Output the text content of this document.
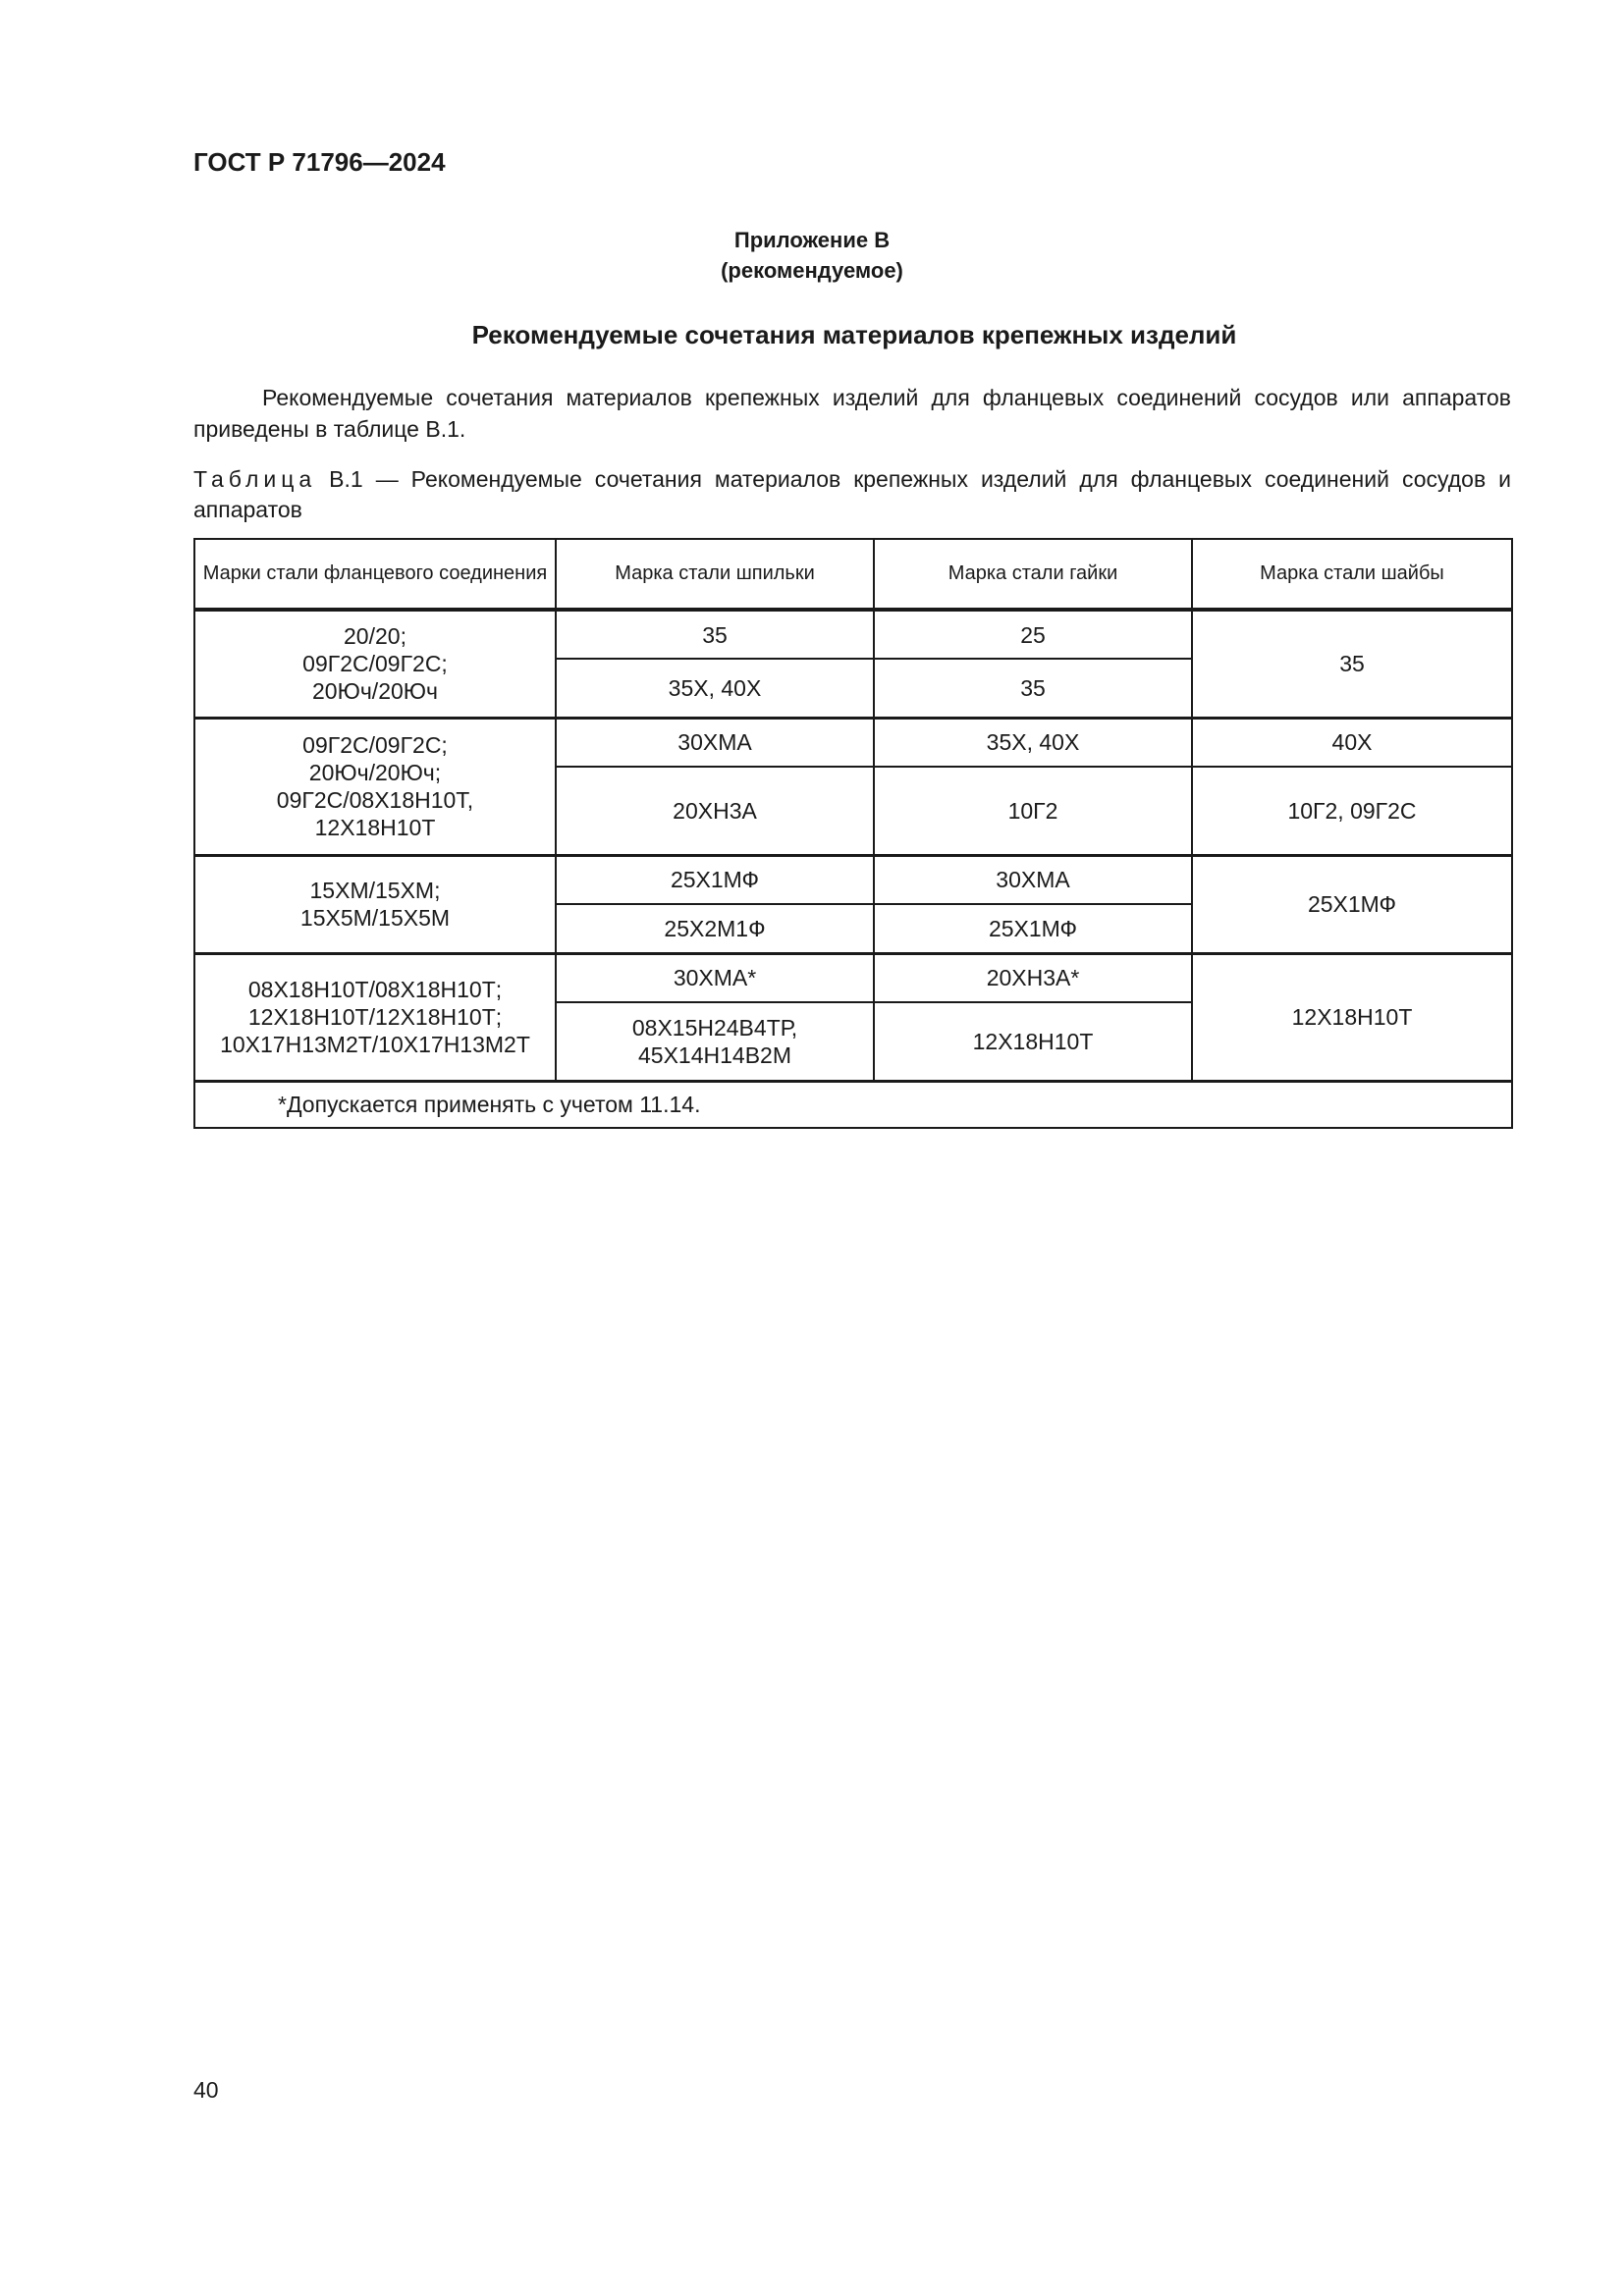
ГОСТ Р 71796—2024

Приложение В
(рекомендуемое)
Рекомендуемые сочетания материалов крепежных изделий

Рекомендуемые сочетания материалов крепежных изделий для фланцевых соединений сосудов или аппаратов приведены в таблице В.1.

Таблица В.1 — Рекомендуемые сочетания материалов крепежных изделий для фланцевых соединений сосудов и аппаратов

Марки стали фланцевого соединения	Марка стали шпильки	Марка стали гайки	Марка стали шайбы

20/20;
09Г2С/09Г2С;
20Юч/20Юч	35	25	35
	35Х, 40Х	35	

09Г2С/09Г2С;
20Юч/20Юч;
09Г2С/08Х18Н10Т,
12Х18Н10Т	30ХМА	35Х, 40Х	40Х
	20ХН3А	10Г2	10Г2, 09Г2С

15ХМ/15ХМ;
15Х5М/15Х5М	25Х1МФ	30ХМА	25Х1МФ
	25Х2М1Ф	25Х1МФ	

08Х18Н10Т/08Х18Н10Т;
12Х18Н10Т/12Х18Н10Т;
10Х17Н13М2Т/10Х17Н13М2Т	30ХМА*	20ХН3А*	12Х18Н10Т
	08Х15Н24В4ТР, 45Х14Н14В2М	12Х18Н10Т	
*Допускается применять с учетом 11.14.			

40
